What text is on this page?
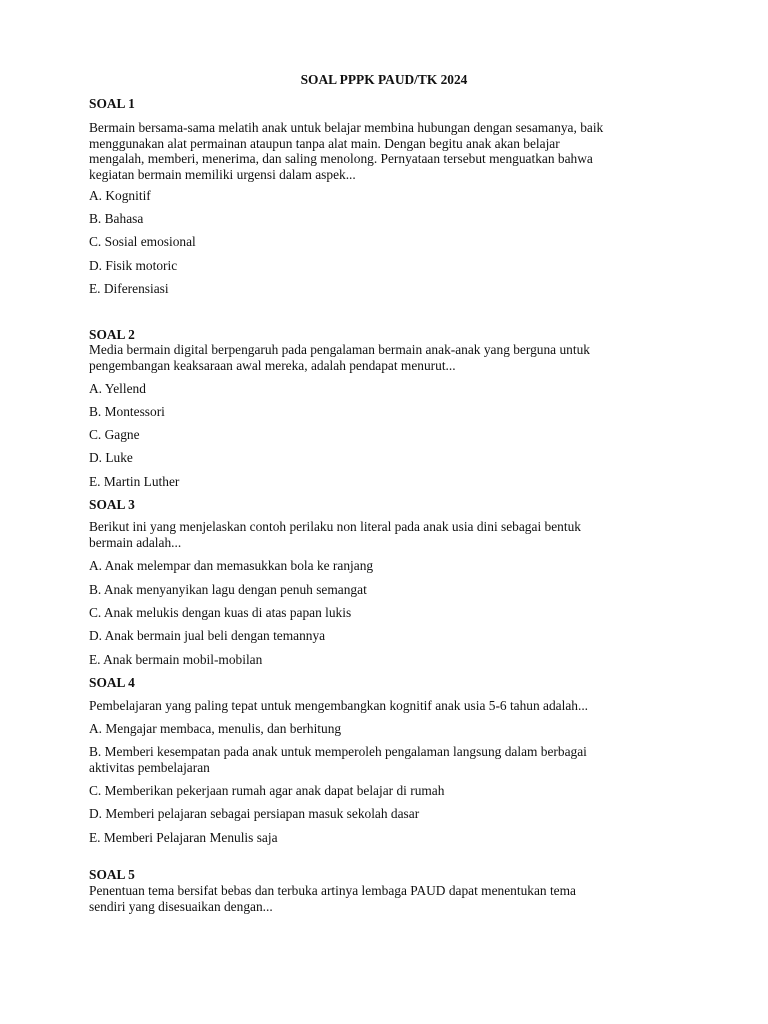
SOAL PPPK PAUD/TK 2024
SOAL 1
Bermain bersama-sama melatih anak untuk belajar membina hubungan dengan sesamanya, baik
menggunakan alat permainan ataupun tanpa alat main. Dengan begitu anak akan belajar
mengalah, memberi, menerima, dan saling menolong. Pernyataan tersebut menguatkan bahwa
kegiatan bermain memiliki urgensi dalam aspek...
A. Kognitif
B. Bahasa
C. Sosial emosional
D. Fisik motoric
E. Diferensiasi
SOAL 2
Media bermain digital berpengaruh pada pengalaman bermain anak-anak yang berguna untuk
pengembangan keaksaraan awal mereka, adalah pendapat menurut...
A. Yellend
B. Montessori
C. Gagne
D. Luke
E. Martin Luther
SOAL 3
Berikut ini yang menjelaskan contoh perilaku non literal pada anak usia dini sebagai bentuk
bermain adalah...
A. Anak melempar dan memasukkan bola ke ranjang
B. Anak menyanyikan lagu dengan penuh semangat
C. Anak melukis dengan kuas di atas papan lukis
D. Anak bermain jual beli dengan temannya
E. Anak bermain mobil-mobilan
SOAL 4
Pembelajaran yang paling tepat untuk mengembangkan kognitif anak usia 5-6 tahun adalah...
A. Mengajar membaca, menulis, dan berhitung
B. Memberi kesempatan pada anak untuk memperoleh pengalaman langsung dalam berbagai
aktivitas pembelajaran
C. Memberikan pekerjaan rumah agar anak dapat belajar di rumah
D. Memberi pelajaran sebagai persiapan masuk sekolah dasar
E. Memberi Pelajaran Menulis saja
SOAL 5
Penentuan tema bersifat bebas dan terbuka artinya lembaga PAUD dapat menentukan tema
sendiri yang disesuaikan dengan...
